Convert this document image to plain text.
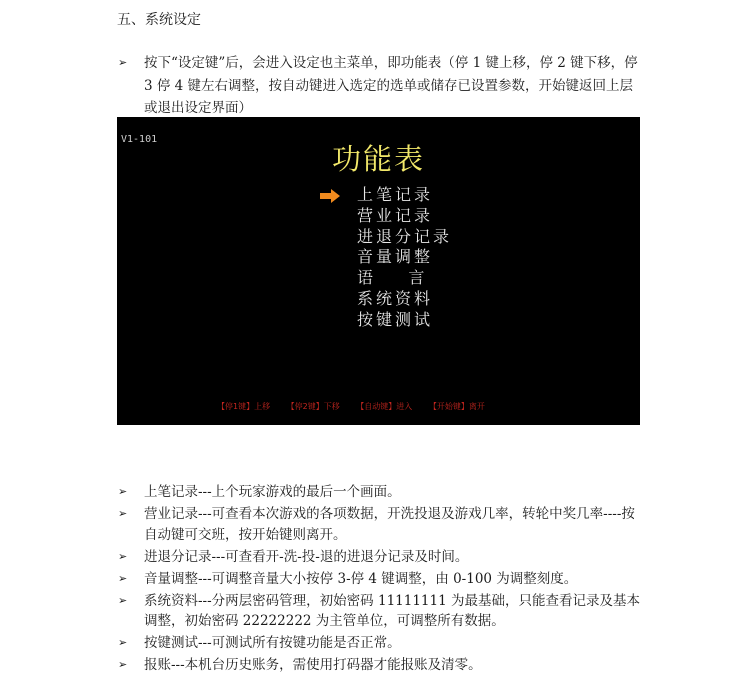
五、系统设定
➢	按下“设定键”后，会进入设定也主菜单，即功能表（停 1 键上移，停 2 键下移，停 3 停 4 键左右调整，按自动键进入选定的选单或储存已设置参数，开始键返回上层或退出设定界面）
V1-101
功能表
上笔记录
营业记录
进退分记录
音量调整
语    言
系统资料
按键测试
【停1键】上移 【停2键】下移 【自动键】进入 【开始键】离开
➢	上笔记录---上个玩家游戏的最后一个画面。
➢	营业记录---可查看本次游戏的各项数据，开洗投退及游戏几率，转轮中奖几率----按自动键可交班，按开始键则离开。
➢	进退分记录---可查看开-洗-投-退的进退分记录及时间。
➢	音量调整---可调整音量大小按停 3-停 4 键调整，由 0-100 为调整刻度。
➢	系统资料---分两层密码管理，初始密码 11111111 为最基础，只能查看记录及基本调整，初始密码 22222222 为主管单位，可调整所有数据。
➢	按键测试---可测试所有按键功能是否正常。
➢	报账---本机台历史账务，需使用打码器才能报账及清零。
